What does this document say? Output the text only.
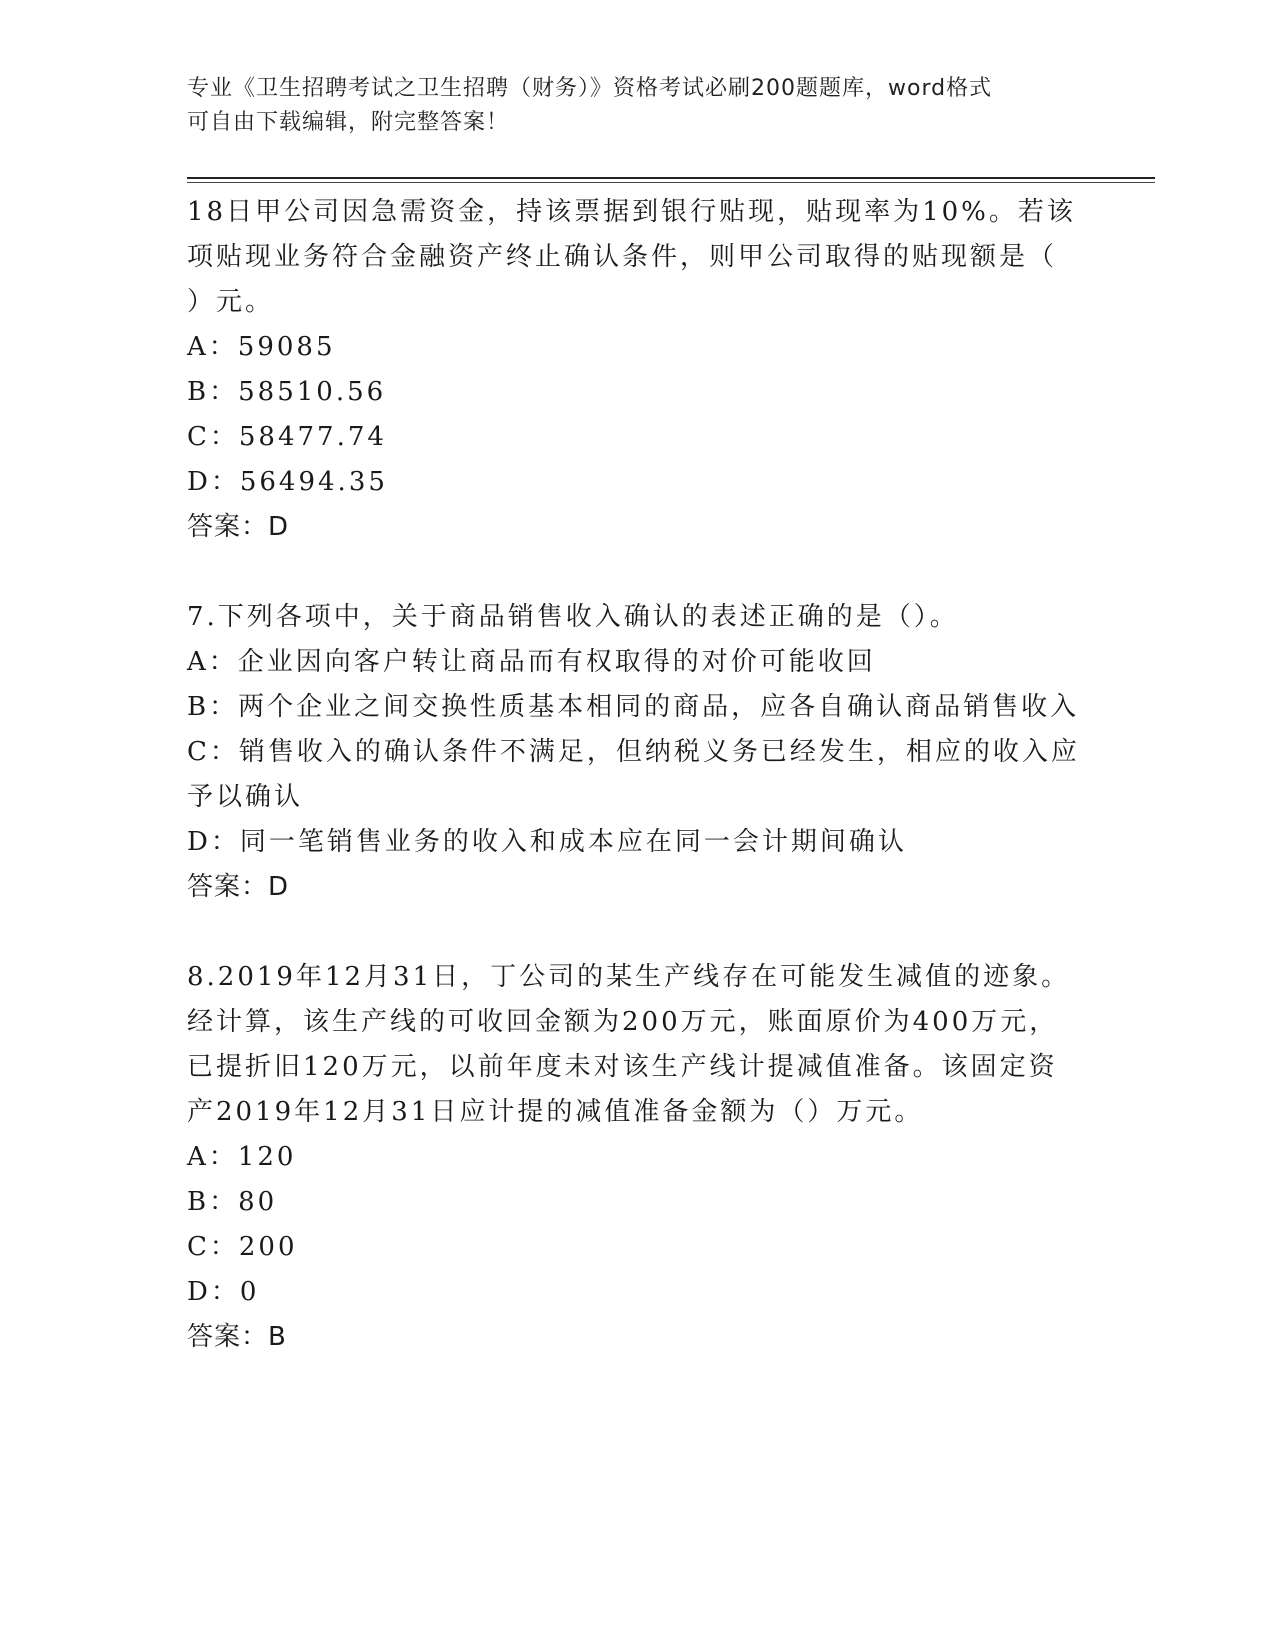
专业《卫生招聘考试之卫生招聘（财务）》资格考试必刷200题题库，word格式
可自由下载编辑，附完整答案！
18日甲公司因急需资金，持该票据到银行贴现，贴现率为10%。若该
项贴现业务符合金融资产终止确认条件，则甲公司取得的贴现额是（
）元。
A：59085
B：58510.56
C：58477.74
D：56494.35
答案：D
7.下列各项中，关于商品销售收入确认的表述正确的是（）。
A：企业因向客户转让商品而有权取得的对价可能收回
B：两个企业之间交换性质基本相同的商品，应各自确认商品销售收入
C：销售收入的确认条件不满足，但纳税义务已经发生，相应的收入应
予以确认
D：同一笔销售业务的收入和成本应在同一会计期间确认
答案：D
8.2019年12月31日，丁公司的某生产线存在可能发生减值的迹象。
经计算，该生产线的可收回金额为200万元，账面原价为400万元，
已提折旧120万元，以前年度未对该生产线计提减值准备。该固定资
产2019年12月31日应计提的减值准备金额为（）万元。
A：120
B：80
C：200
D：0
答案：B
